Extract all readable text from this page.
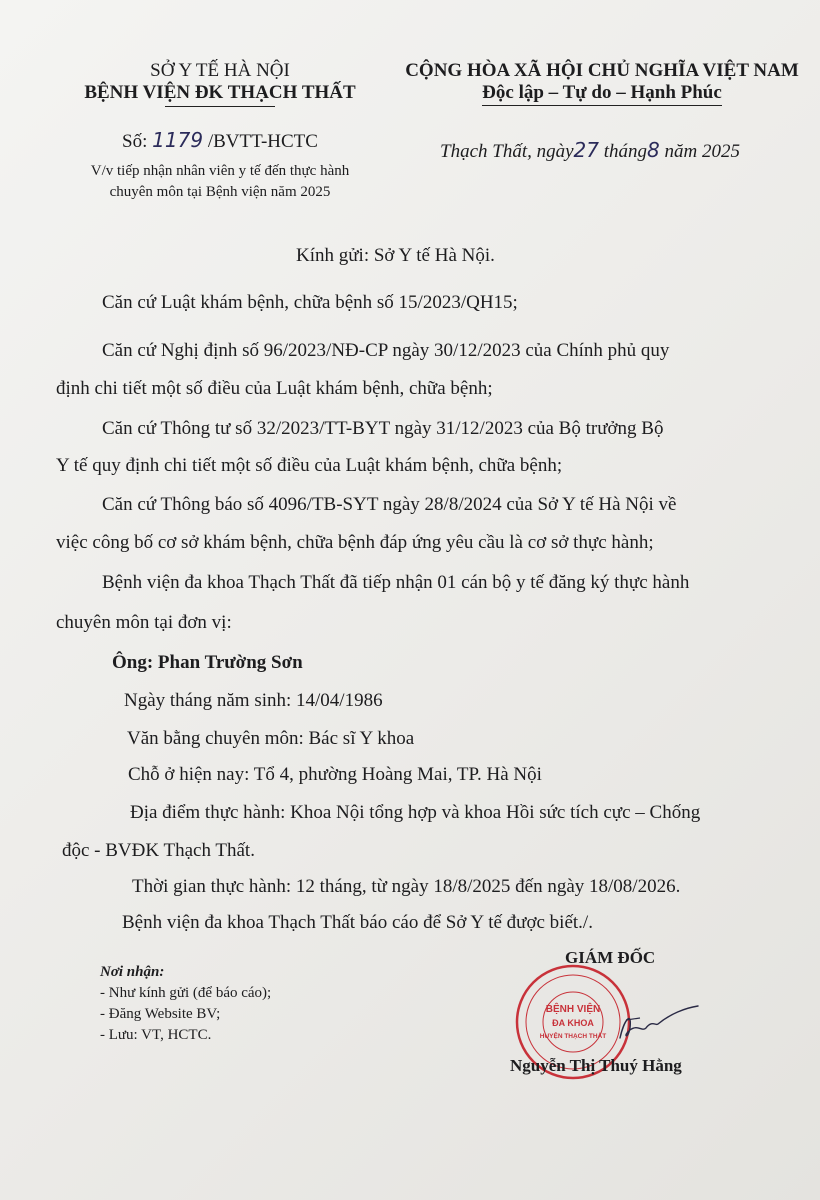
SỞ Y TẾ HÀ NỘI
BỆNH VIỆN ĐK THẠCH THẤT
CỘNG HÒA XÃ HỘI CHỦ NGHĨA VIỆT NAM
Độc lập – Tự do – Hạnh Phúc
Số: 1179 /BVTT-HCTC
V/v tiếp nhận nhân viên y tế đến thực hành
chuyên môn tại Bệnh viện năm 2025
Thạch Thất, ngày27 tháng8 năm 2025
Kính gửi: Sở Y tế Hà Nội.
Căn cứ Luật khám bệnh, chữa bệnh số 15/2023/QH15;
Căn cứ Nghị định số 96/2023/NĐ-CP ngày 30/12/2023 của Chính phủ quy
định chi tiết một số điều của Luật khám bệnh, chữa bệnh;
Căn cứ Thông tư số 32/2023/TT-BYT ngày 31/12/2023 của Bộ trưởng Bộ
Y tế quy định chi tiết một số điều của Luật khám bệnh, chữa bệnh;
Căn cứ Thông báo số 4096/TB-SYT ngày 28/8/2024 của Sở Y tế Hà Nội về
việc công bố cơ sở khám bệnh, chữa bệnh đáp ứng yêu cầu là cơ sở thực hành;
Bệnh viện đa khoa Thạch Thất đã tiếp nhận 01 cán bộ y tế đăng ký thực hành
chuyên môn tại đơn vị:
Ông: Phan Trường Sơn
Ngày tháng năm sinh: 14/04/1986
Văn bằng chuyên môn: Bác sĩ Y khoa
Chỗ ở hiện nay: Tổ 4, phường Hoàng Mai, TP. Hà Nội
Địa điểm thực hành: Khoa Nội tổng hợp và khoa Hồi sức tích cực – Chống
độc - BVĐK Thạch Thất.
Thời gian thực hành: 12 tháng, từ ngày 18/8/2025 đến ngày 18/08/2026.
Bệnh viện đa khoa Thạch Thất báo cáo để Sở Y tế được biết./.
Nơi nhận:
- Như kính gửi (để báo cáo);
- Đăng Website BV;
- Lưu: VT, HCTC.
GIÁM ĐỐC
BỆNH VIỆN
ĐA KHOA
HUYỆN THẠCH THẤT
Nguyễn Thị Thuý Hằng
